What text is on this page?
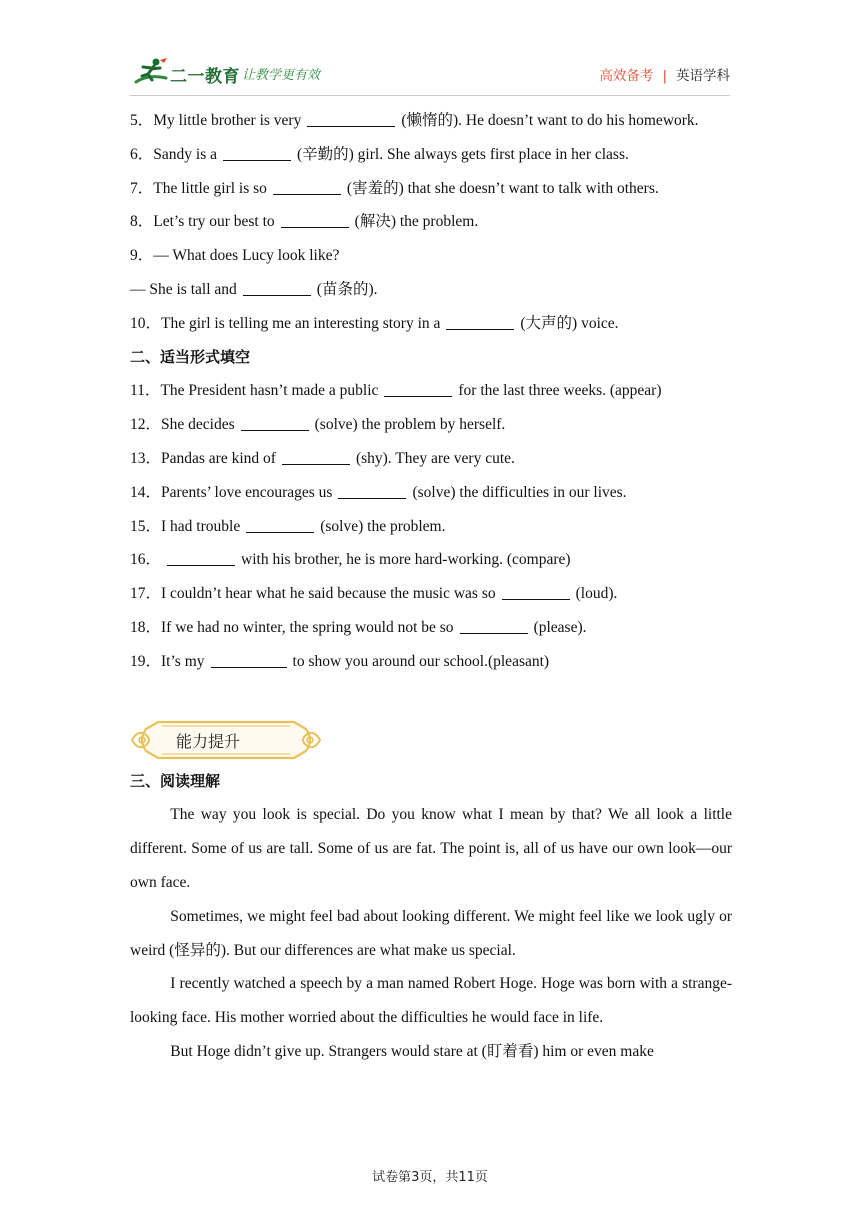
二一教育 让教学更有效	高效备考 | 英语学科
5．My little brother is very	(懒惰的). He doesn’t want to do his homework.
6．Sandy is a	(辛勤的) girl. She always gets first place in her class.
7．The little girl is so	(害羞的) that she doesn’t want to talk with others.
8．Let’s try our best to	(解决) the problem.
9．— What does Lucy look like?
— She is tall and	(苗条的).
10．The girl is telling me an interesting story in a	(大声的) voice.
二、适当形式填空
11．The President hasn’t made a public	for the last three weeks. (appear)
12．She decides	(solve) the problem by herself.
13．Pandas are kind of	(shy). They are very cute.
14．Parents’ love encourages us	(solve) the difficulties in our lives.
15．I had trouble	(solve) the problem.
16．	with his brother, he is more hard-working. (compare)
17．I couldn’t hear what he said because the music was so	(loud).
18．If we had no winter, the spring would not be so	(please).
19．It’s my	to show you around our school.(pleasant)
能力提升
三、阅读理解
The way you look is special. Do you know what I mean by that? We all look a little different. Some of us are tall. Some of us are fat. The point is, all of us have our own look—our own face.
Sometimes, we might feel bad about looking different. We might feel like we look ugly or weird (怪异的). But our differences are what make us special.
I recently watched a speech by a man named Robert Hoge. Hoge was born with a strange-looking face. His mother worried about the difficulties he would face in life.
But Hoge didn’t give up. Strangers would stare at (盯着看) him or even make
试卷第3页，共11页
